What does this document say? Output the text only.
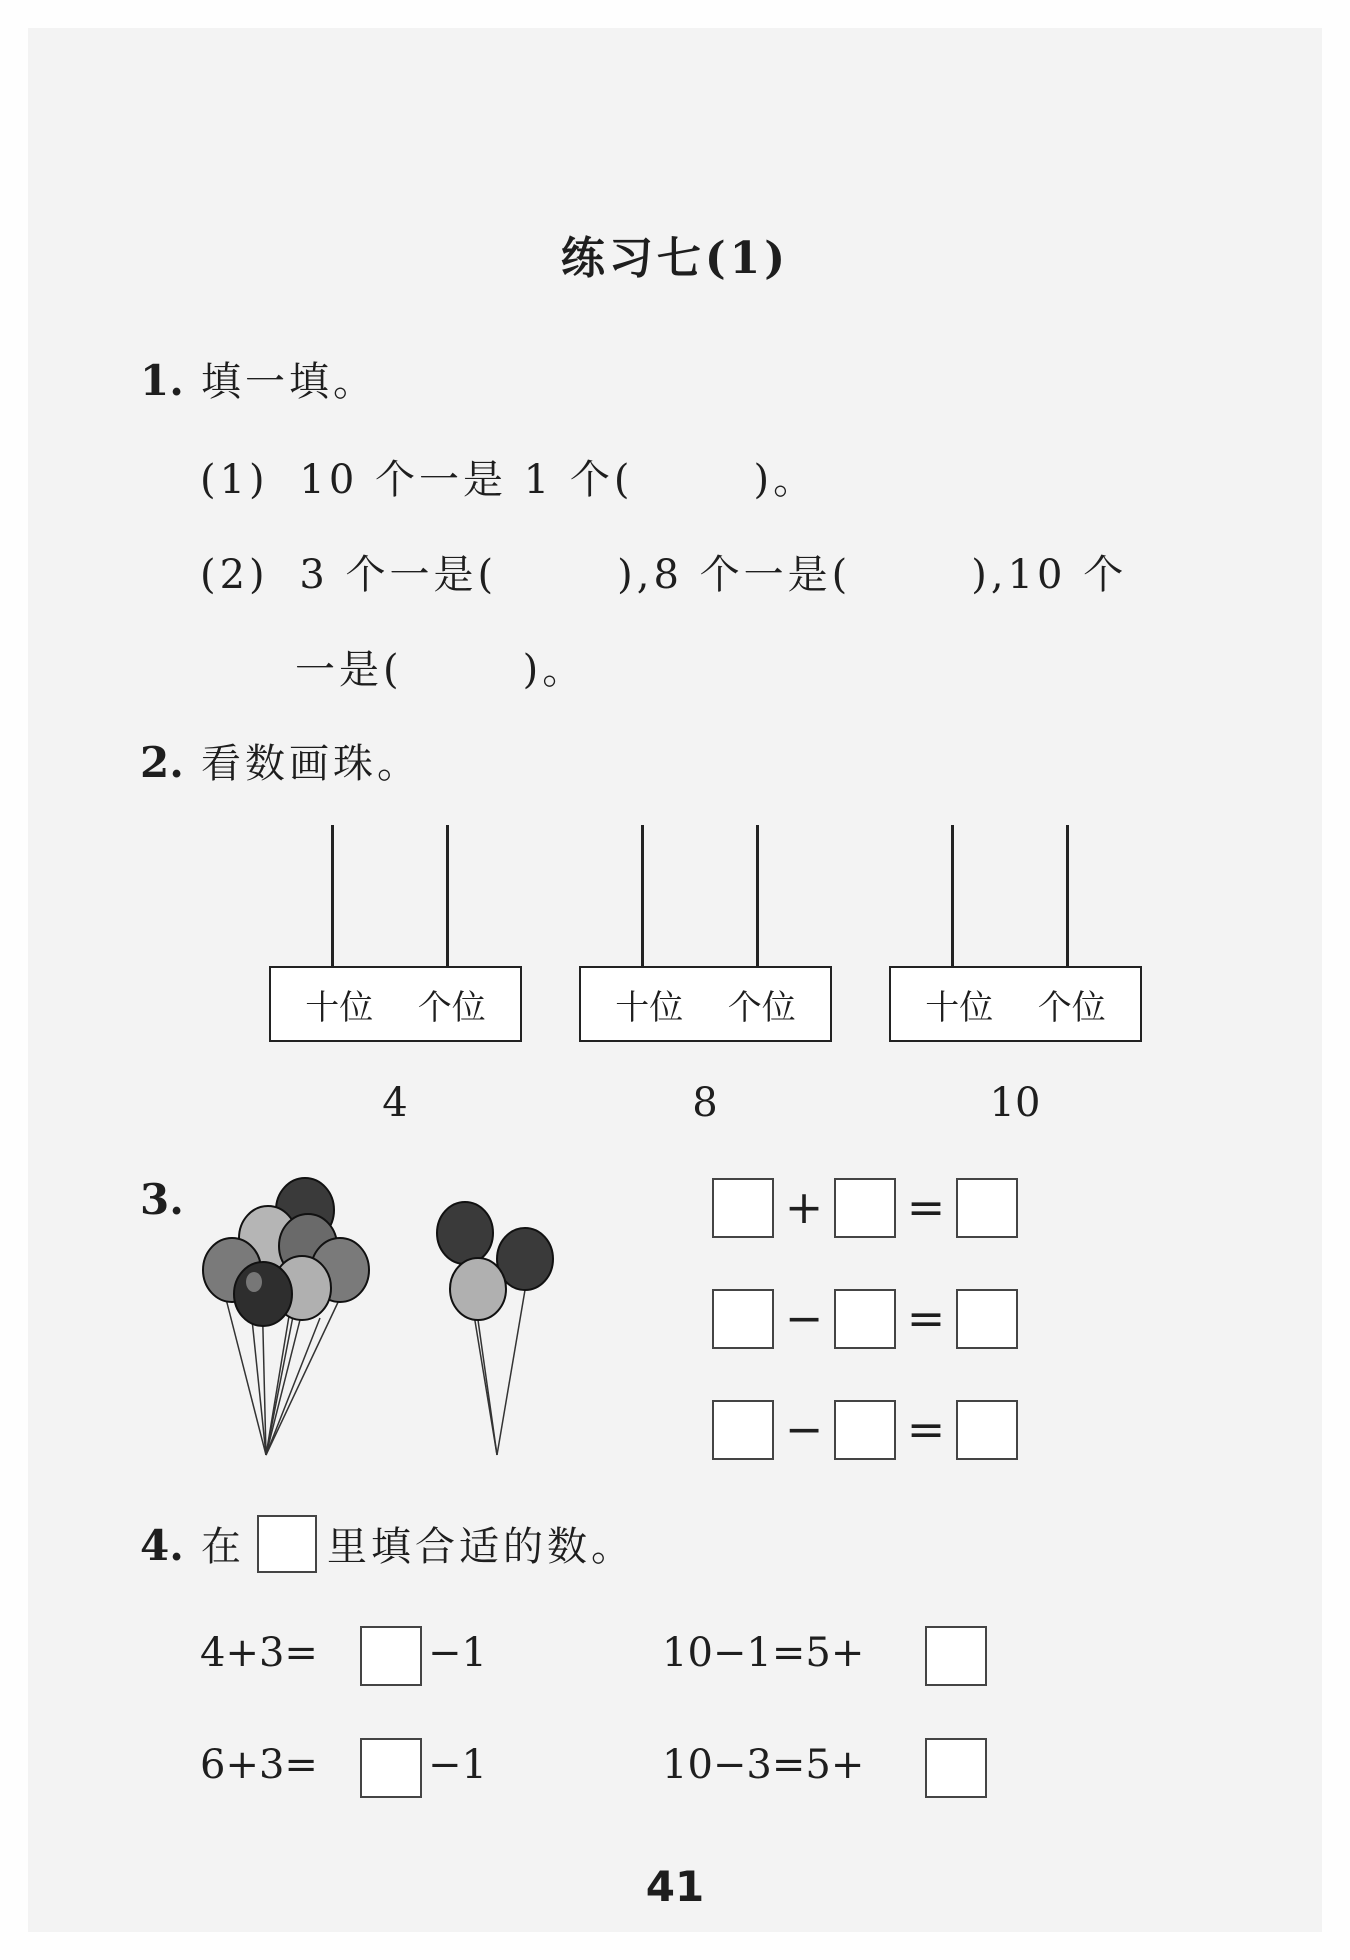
练习七(1)
1. 填一填。
(1) 10 个一是 1 个(	)。
(2) 3 个一是(	),8 个一是(	),10 个
一是(	)。
2. 看数画珠。
十位 个位
4
十位 个位
8
十位 个位
10
3.	+ =
− =
− =
4. 在 里填合适的数。
4+3=	−1	10−1=5+
6+3=	−1	10−3=5+
41
